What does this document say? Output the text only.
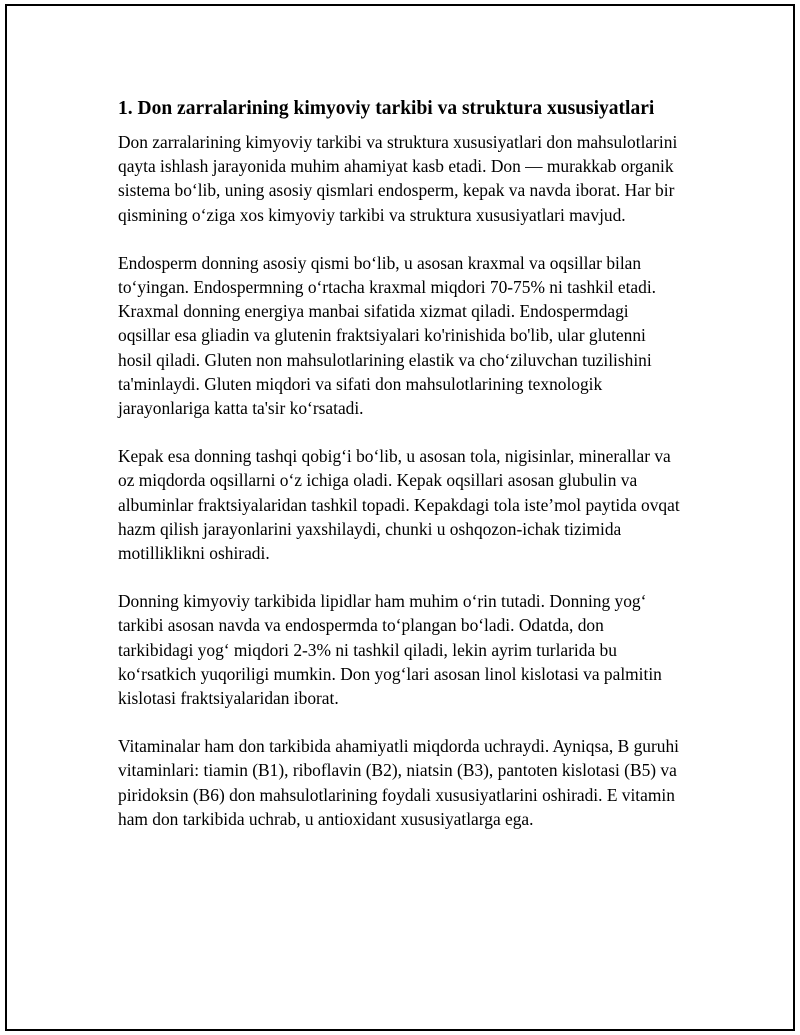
1. Don zarralarining kimyoviy tarkibi va struktura xususiyatlari

Don zarralarining kimyoviy tarkibi va struktura xususiyatlari don mahsulotlarini qayta ishlash jarayonida muhim ahamiyat kasb etadi. Don — murakkab organik sistema bo‘lib, uning asosiy qismlari endosperm, kepak va navda iborat. Har bir qismining o‘ziga xos kimyoviy tarkibi va struktura xususiyatlari mavjud.

Endosperm donning asosiy qismi bo‘lib, u asosan kraxmal va oqsillar bilan to‘yingan. Endospermning o‘rtacha kraxmal miqdori 70-75% ni tashkil etadi. Kraxmal donning energiya manbai sifatida xizmat qiladi. Endospermdagi oqsillar esa gliadin va glutenin fraktsiyalari ko'rinishida bo'lib, ular glutenni hosil qiladi. Gluten non mahsulotlarining elastik va cho‘ziluvchan tuzilishini ta'minlaydi. Gluten miqdori va sifati don mahsulotlarining texnologik jarayonlariga katta ta'sir ko‘rsatadi.

Kepak esa donning tashqi qobig‘i bo‘lib, u asosan tola, nigisinlar, minerallar va oz miqdorda oqsillarni o‘z ichiga oladi. Kepak oqsillari asosan glubulin va albuminlar fraktsiyalaridan tashkil topadi. Kepakdagi tola iste’mol paytida ovqat hazm qilish jarayonlarini yaxshilaydi, chunki u oshqozon-ichak tizimida motilliklikni oshiradi.

Donning kimyoviy tarkibida lipidlar ham muhim o‘rin tutadi. Donning yog‘ tarkibi asosan navda va endospermda to‘plangan bo‘ladi. Odatda, don tarkibidagi yog‘ miqdori 2-3% ni tashkil qiladi, lekin ayrim turlarida bu ko‘rsatkich yuqoriligi mumkin. Don yog‘lari asosan linol kislotasi va palmitin kislotasi fraktsiyalaridan iborat.

Vitaminalar ham don tarkibida ahamiyatli miqdorda uchraydi. Ayniqsa, B guruhi vitaminlari: tiamin (B1), riboflavin (B2), niatsin (B3), pantoten kislotasi (B5) va piridoksin (B6) don mahsulotlarining foydali xususiyatlarini oshiradi. E vitamin ham don tarkibida uchrab, u antioxidant xususiyatlarga ega.
